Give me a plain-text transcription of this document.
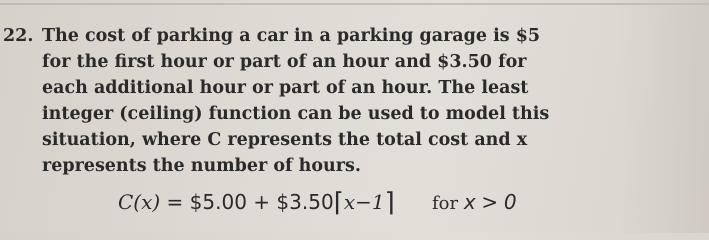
22. The cost of parking a car in a parking garage is $5
for the first hour or part of an hour and $3.50 for
each additional hour or part of an hour. The least
integer (ceiling) function can be used to model this
situation, where C represents the total cost and x
represents the number of hours.
C(x) = $5.00 + $3.50⌈x−1⌉ for x > 0
